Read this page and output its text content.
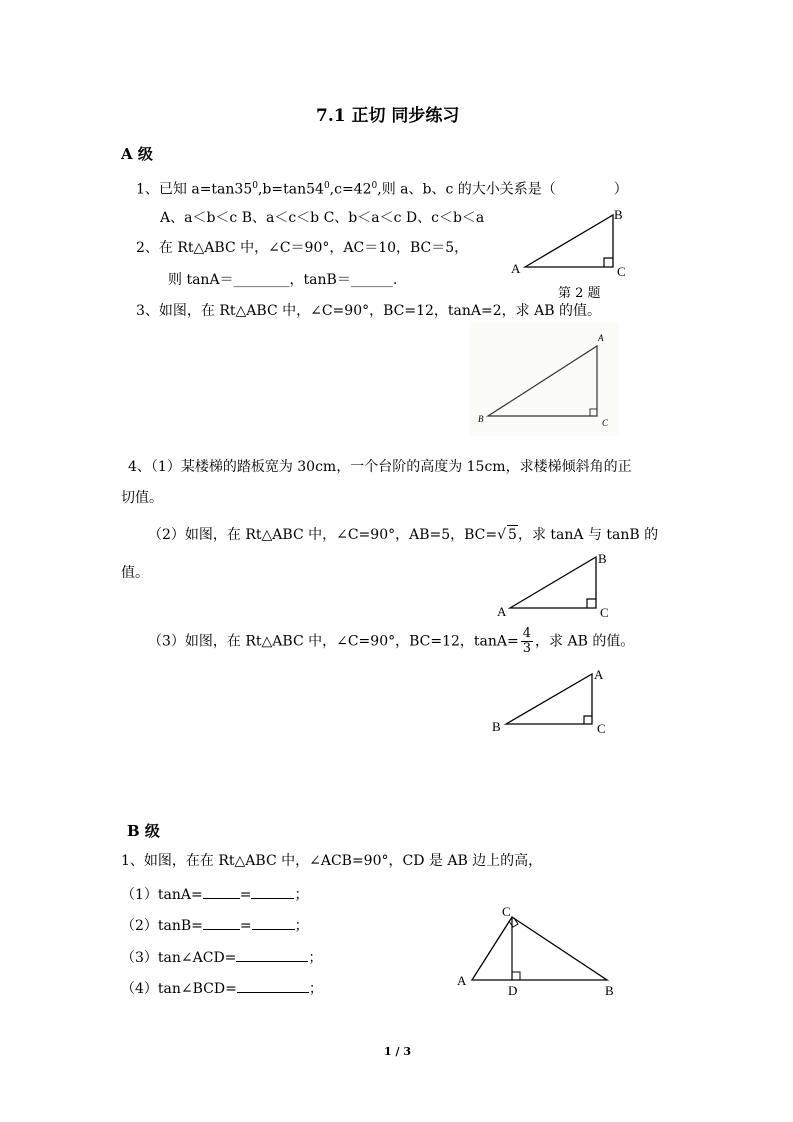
7.1 正切 同步练习
A 级
1、已知 $a=\tan 35^0,b=\tan 54^0,c=42^0$,则 a、b、c 的大小关系是（	）
A、a＜b＜c B、a＜c＜b C、b＜a＜c D、c＜b＜a
2、在 Rt△ABC 中，∠C＝90°，AC＝10，BC＝5，
则 tanA＝________，tanB＝______.
A
B
C
第 2 题
3、如图，在 Rt△ABC 中，∠C=90°，BC=12，tanA=2，求 AB 的值。
B
A
C
4、（1）某楼梯的踏板宽为 30cm，一个台阶的高度为 15cm，求楼梯倾斜角的正
切值。
（2）如图，在 Rt△ABC 中，∠C=90°，AB=5，BC=√ 5，求 tanA 与 tanB 的
值。
A
B
C
（3）如图，在 Rt△ABC 中，∠C=90°，BC=12，$\tan A= \frac{4}{3}$ ，求 AB 的值。
B
A
C
B 级
1、如图，在在 Rt△ABC 中，∠ACB=90°，CD 是 AB 边上的高，
（1）tanA=	=	；
（2）tanB=	=	；
（3）tan∠ACD=	；
（4）tan∠BCD=	；
A
C
D	B
1 / 3
